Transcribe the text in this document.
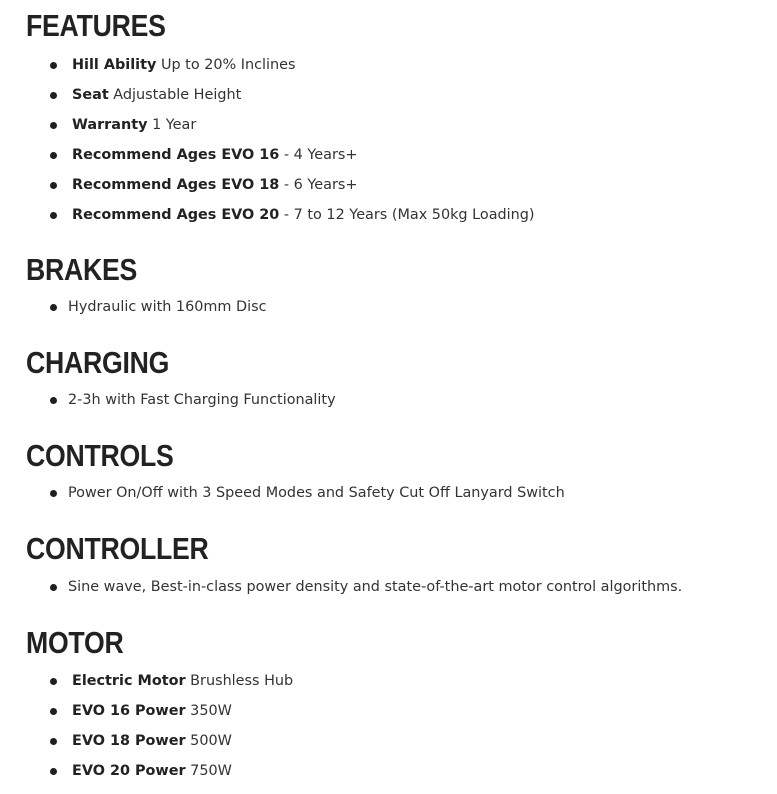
FEATURES
Hill Ability Up to 20% Inclines
Seat Adjustable Height
Warranty 1 Year
Recommend Ages EVO 16 - 4 Years+
Recommend Ages EVO 18 - 6 Years+
Recommend Ages EVO 20 - 7 to 12 Years (Max 50kg Loading)
BRAKES
Hydraulic with 160mm Disc
CHARGING
2-3h with Fast Charging Functionality
CONTROLS
Power On/Off with 3 Speed Modes and Safety Cut Off Lanyard Switch
CONTROLLER
Sine wave, Best-in-class power density and state-of-the-art motor control algorithms.
MOTOR
Electric Motor Brushless Hub
EVO 16 Power 350W
EVO 18 Power 500W
EVO 20 Power 750W
